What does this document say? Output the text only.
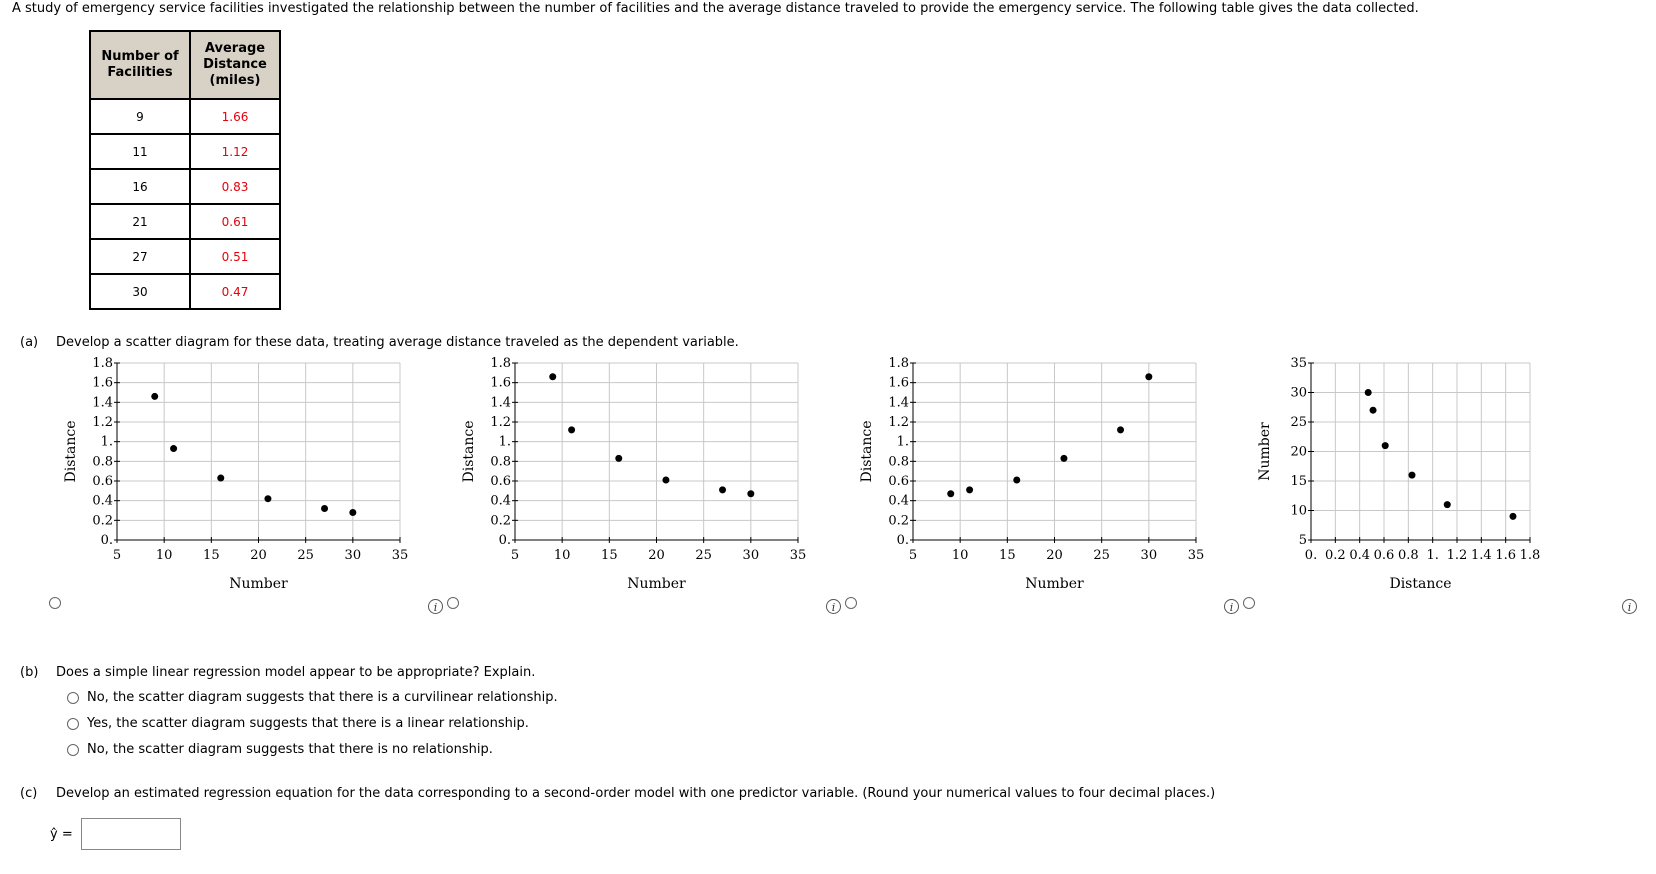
A study of emergency service facilities investigated the relationship between the number of facilities and the average distance traveled to provide the emergency service. The following table gives the data collected.
Number of
Facilities	Average
Distance
(miles)
9	1.66
11	1.12
16	0.83
21	0.61
27	0.51
30	0.47
(a) Develop a scatter diagram for these data, treating average distance traveled as the dependent variable.
5	10 15 20 25 30 35
0.
0.2
0.4
0.6
0.8
1.
1.2
1.4
1.6
1.8
Number
Distance
5	10 15 20 25 30 35
0.
0.2
0.4
0.6
0.8
1.
1.2
1.4
1.6
1.8
Number
Distance
5	10 15 20 25 30 35
0.
0.2
0.4
0.6
0.8
1.
1.2
1.4
1.6
1.8
Number
Distance
0. 0.2 0.4 0.6 0.8 1. 1.2 1.4 1.6 1.8
5
10
15
20
25
30
35
Distance
Number
i	i	i	i
(b) Does a simple linear regression model appear to be appropriate? Explain.
No, the scatter diagram suggests that there is a curvilinear relationship.
Yes, the scatter diagram suggests that there is a linear relationship.
No, the scatter diagram suggests that there is no relationship.
(c) Develop an estimated regression equation for the data corresponding to a second-order model with one predictor variable. (Round your numerical values to four decimal places.)
ŷ =
